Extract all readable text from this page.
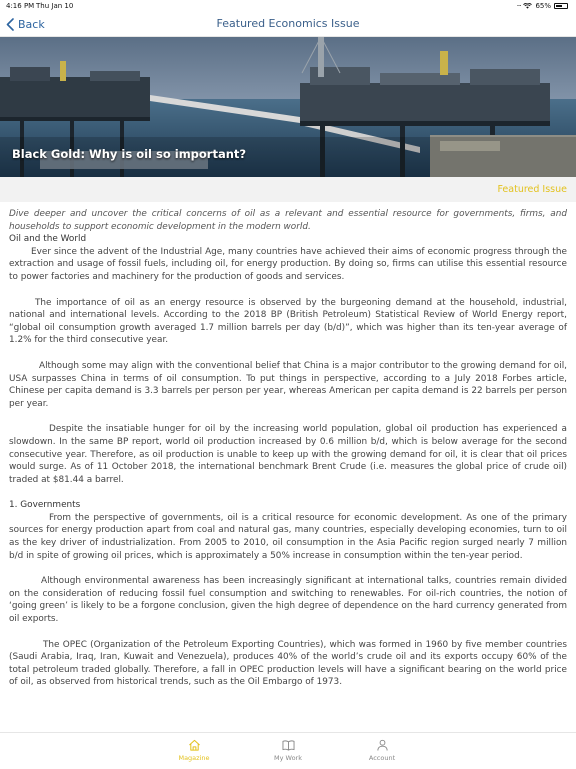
4:16 PM Thu Jan 10	··· 65%
Back	Featured Economics Issue
Black Gold: Why is oil so important?
Featured Issue

Dive deeper and uncover the critical concerns of oil as a relevant and essential resource for governments, firms, and households to support economic development in the modern world.

Oil and the World

Ever since the advent of the Industrial Age, many countries have achieved their aims of economic progress through the extraction and usage of fossil fuels, including oil, for energy production. By doing so, firms can utilise this essential resource to power factories and machinery for the production of goods and services.

The importance of oil as an energy resource is observed by the burgeoning demand at the household, industrial, national and international levels. According to the 2018 BP (British Petroleum) Statistical Review of World Energy report, “global oil consumption growth averaged 1.7 million barrels per day (b/d)”, which was higher than its ten-year average of 1.2% for the third consecutive year.

Although some may align with the conventional belief that China is a major contributor to the growing demand for oil, USA surpasses China in terms of oil consumption. To put things in perspective, according to a July 2018 Forbes article, Chinese per capita demand is 3.3 barrels per person per year, whereas American per capita demand is 22 barrels per person per year.

Despite the insatiable hunger for oil by the increasing world population, global oil production has experienced a slowdown. In the same BP report, world oil production increased by 0.6 million b/d, which is below average for the second consecutive year. Therefore, as oil production is unable to keep up with the growing demand for oil, it is clear that oil prices would surge. As of 11 October 2018, the international benchmark Brent Crude (i.e. measures the global price of crude oil) traded at $81.44 a barrel.

1. Governments

From the perspective of governments, oil is a critical resource for economic development. As one of the primary sources for energy production apart from coal and natural gas, many countries, especially developing economies, turn to oil as the key driver of industrialization. From 2005 to 2010, oil consumption in the Asia Pacific region surged nearly 7 million b/d in spite of growing oil prices, which is approximately a 50% increase in consumption within the ten-year period.

Although environmental awareness has been increasingly significant at international talks, countries remain divided on the consideration of reducing fossil fuel consumption and switching to renewables. For oil-rich countries, the notion of ‘going green’ is likely to be a forgone conclusion, given the high degree of dependence on the hard currency generated from oil exports.

The OPEC (Organization of the Petroleum Exporting Countries), which was formed in 1960 by five member countries (Saudi Arabia, Iraq, Iran, Kuwait and Venezuela), produces 40% of the world’s crude oil and its exports occupy 60% of the total petroleum traded globally. Therefore, a fall in OPEC production levels will have a significant bearing on the world price of oil, as observed from historical trends, such as the Oil Embargo of 1973.

Magazine	My Work	Account
